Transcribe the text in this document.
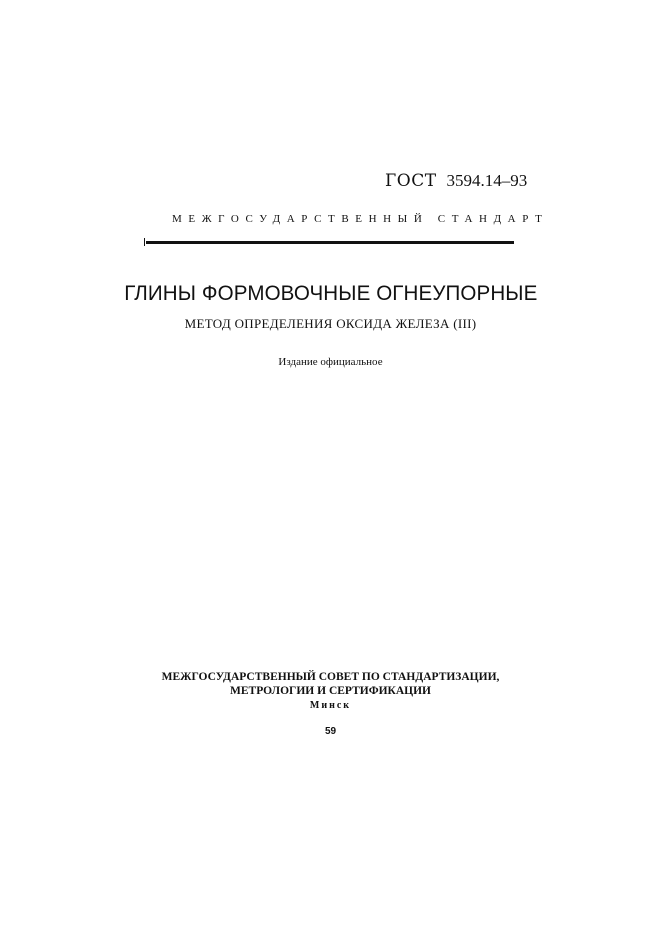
ГОСТ 3594.14–93
МЕЖГОСУДАРСТВЕННЫЙ СТАНДАРТ
ГЛИНЫ ФОРМОВОЧНЫЕ ОГНЕУПОРНЫЕ
МЕТОД ОПРЕДЕЛЕНИЯ ОКСИДА ЖЕЛЕЗА (III)
Издание официальное
МЕЖГОСУДАРСТВЕННЫЙ СОВЕТ ПО СТАНДАРТИЗАЦИИ,
МЕТРОЛОГИИ И СЕРТИФИКАЦИИ
Минск
59
